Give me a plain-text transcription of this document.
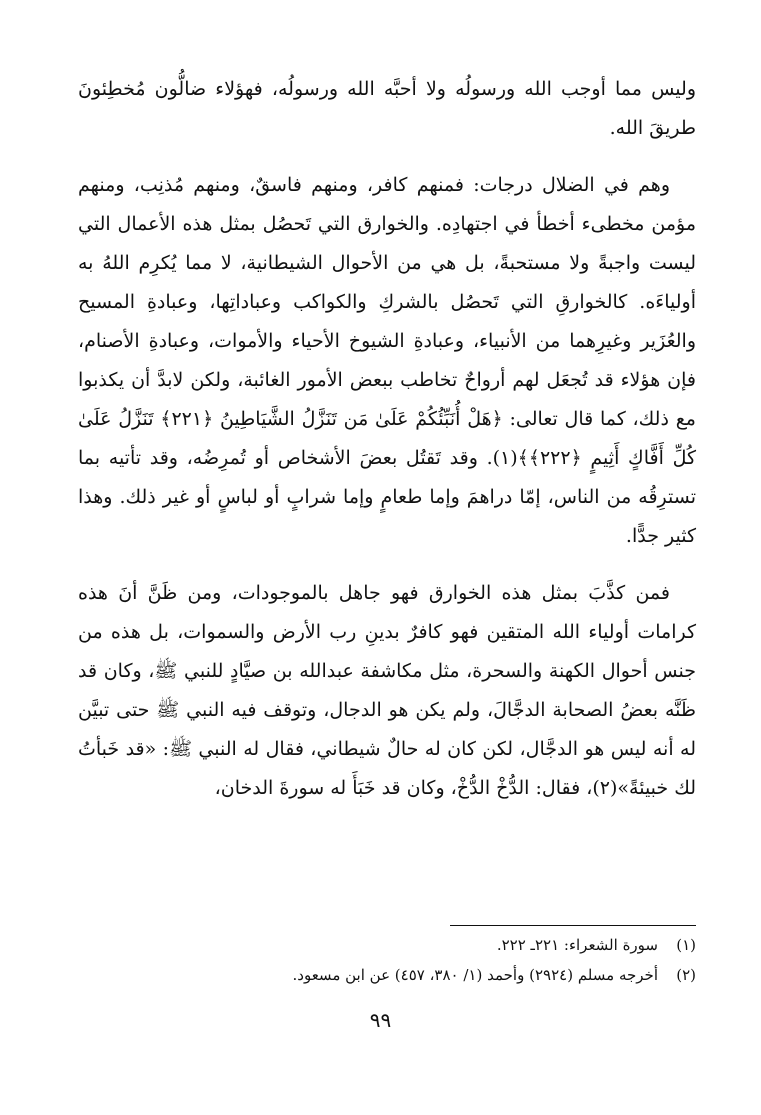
وليس مما أوجب الله ورسولُه ولا أحبَّه الله ورسولُه، فهؤلاء ضالُّون مُخطِئونَ طريقَ الله.

وهم في الضلال درجات: فمنهم كافر، ومنهم فاسقٌ، ومنهم مُذنِب، ومنهم مؤمن مخطىء أخطأ في اجتهادِه. والخوارق التي تَحصُل بمثل هذه الأعمال التي ليست واجبةً ولا مستحبةً، بل هي من الأحوال الشيطانية، لا مما يُكرِم اللهُ به أولياءَه. كالخوارقِ التي تَحصُل بالشركِ والكواكب وعباداتِها، وعبادةِ المسيح والعُزَير وغيرِهما من الأنبياء، وعبادةِ الشيوخ الأحياء والأموات، وعبادةِ الأصنام، فإن هؤلاء قد تُجعَل لهم أرواحٌ تخاطب ببعض الأمور الغائبة، ولكن لابدَّ أن يكذبوا مع ذلك، كما قال تعالى: ﴿هَلْ أُنَبِّئُكُمْ عَلَىٰ مَن تَنَزَّلُ الشَّيَاطِينُ ﴿٢٢١﴾ تَنَزَّلُ عَلَىٰ كُلِّ أَفَّاكٍ أَثِيمٍ ﴿٢٢٢﴾﴾(١). وقد تَقتُل بعضَ الأشخاص أو تُمرِضُه، وقد تأتيه بما تسترِقُه من الناس، إمّا دراهمَ وإما طعامٍ وإما شرابٍ أو لباسٍ أو غير ذلك. وهذا كثير جدًّا.

فمن كذَّبَ بمثل هذه الخوارق فهو جاهل بالموجودات، ومن ظَنَّ أنَ هذه كرامات أولياء الله المتقين فهو كافرٌ بدينِ رب الأرض والسموات، بل هذه من جنس أحوال الكهنة والسحرة، مثل مكاشفة عبدالله بن صيَّادٍ للنبي ﷺ، وكان قد ظَنَّه بعضُ الصحابة الدجَّالَ، ولم يكن هو الدجال، وتوقف فيه النبي ﷺ حتى تبيَّن له أنه ليس هو الدجَّال، لكن كان له حالٌ شيطاني، فقال له النبي ﷺ: «قد خَبأتُ لك خبيئةً»(٢)، فقال: الدُّخْ الدُّخْ، وكان قد خَبَأَ له سورةَ الدخان،

(١)سورة الشعراء: ٢٢١ـ ٢٢٢.
(٢)أخرجه مسلم (٢٩٢٤) وأحمد (١/ ٣٨٠، ٤٥٧) عن ابن مسعود.
٩٩
